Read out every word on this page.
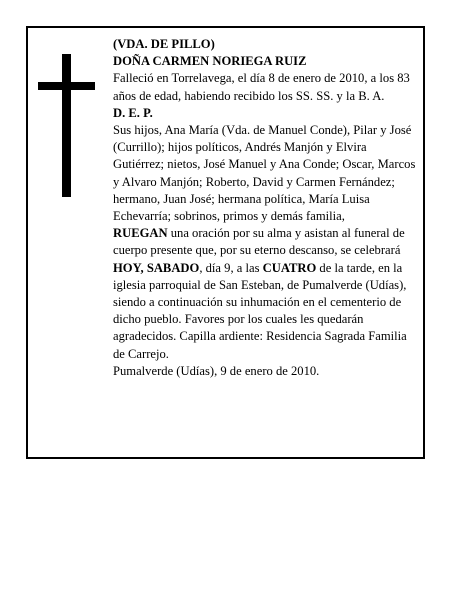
(VDA. DE PILLO)

DOÑA CARMEN NORIEGA RUIZ

Falleció en Torrelavega, el día 8 de enero de 2010, a los 83 años de edad, habiendo recibido los SS. SS. y la B. A.

D. E. P.

Sus hijos, Ana María (Vda. de Manuel Conde), Pilar y José (Currillo); hijos políticos, Andrés Manjón y Elvira Gutiérrez; nietos, José Manuel y Ana Conde; Oscar, Marcos y Alvaro Manjón; Roberto, David y Carmen Fernández; hermano, Juan José; hermana política, María Luisa Echevarría; sobrinos, primos y demás familia,

RUEGAN una oración por su alma y asistan al funeral de cuerpo presente que, por su eterno descanso, se celebrará HOY, SABADO, día 9, a las CUATRO de la tarde, en la iglesia parroquial de San Esteban, de Pumalverde (Udías), siendo a continuación su inhumación en el cementerio de dicho pueblo. Favores por los cuales les quedarán agradecidos. Capilla ardiente: Residencia Sagrada Familia de Carrejo.

Pumalverde (Udías), 9 de enero de 2010.
